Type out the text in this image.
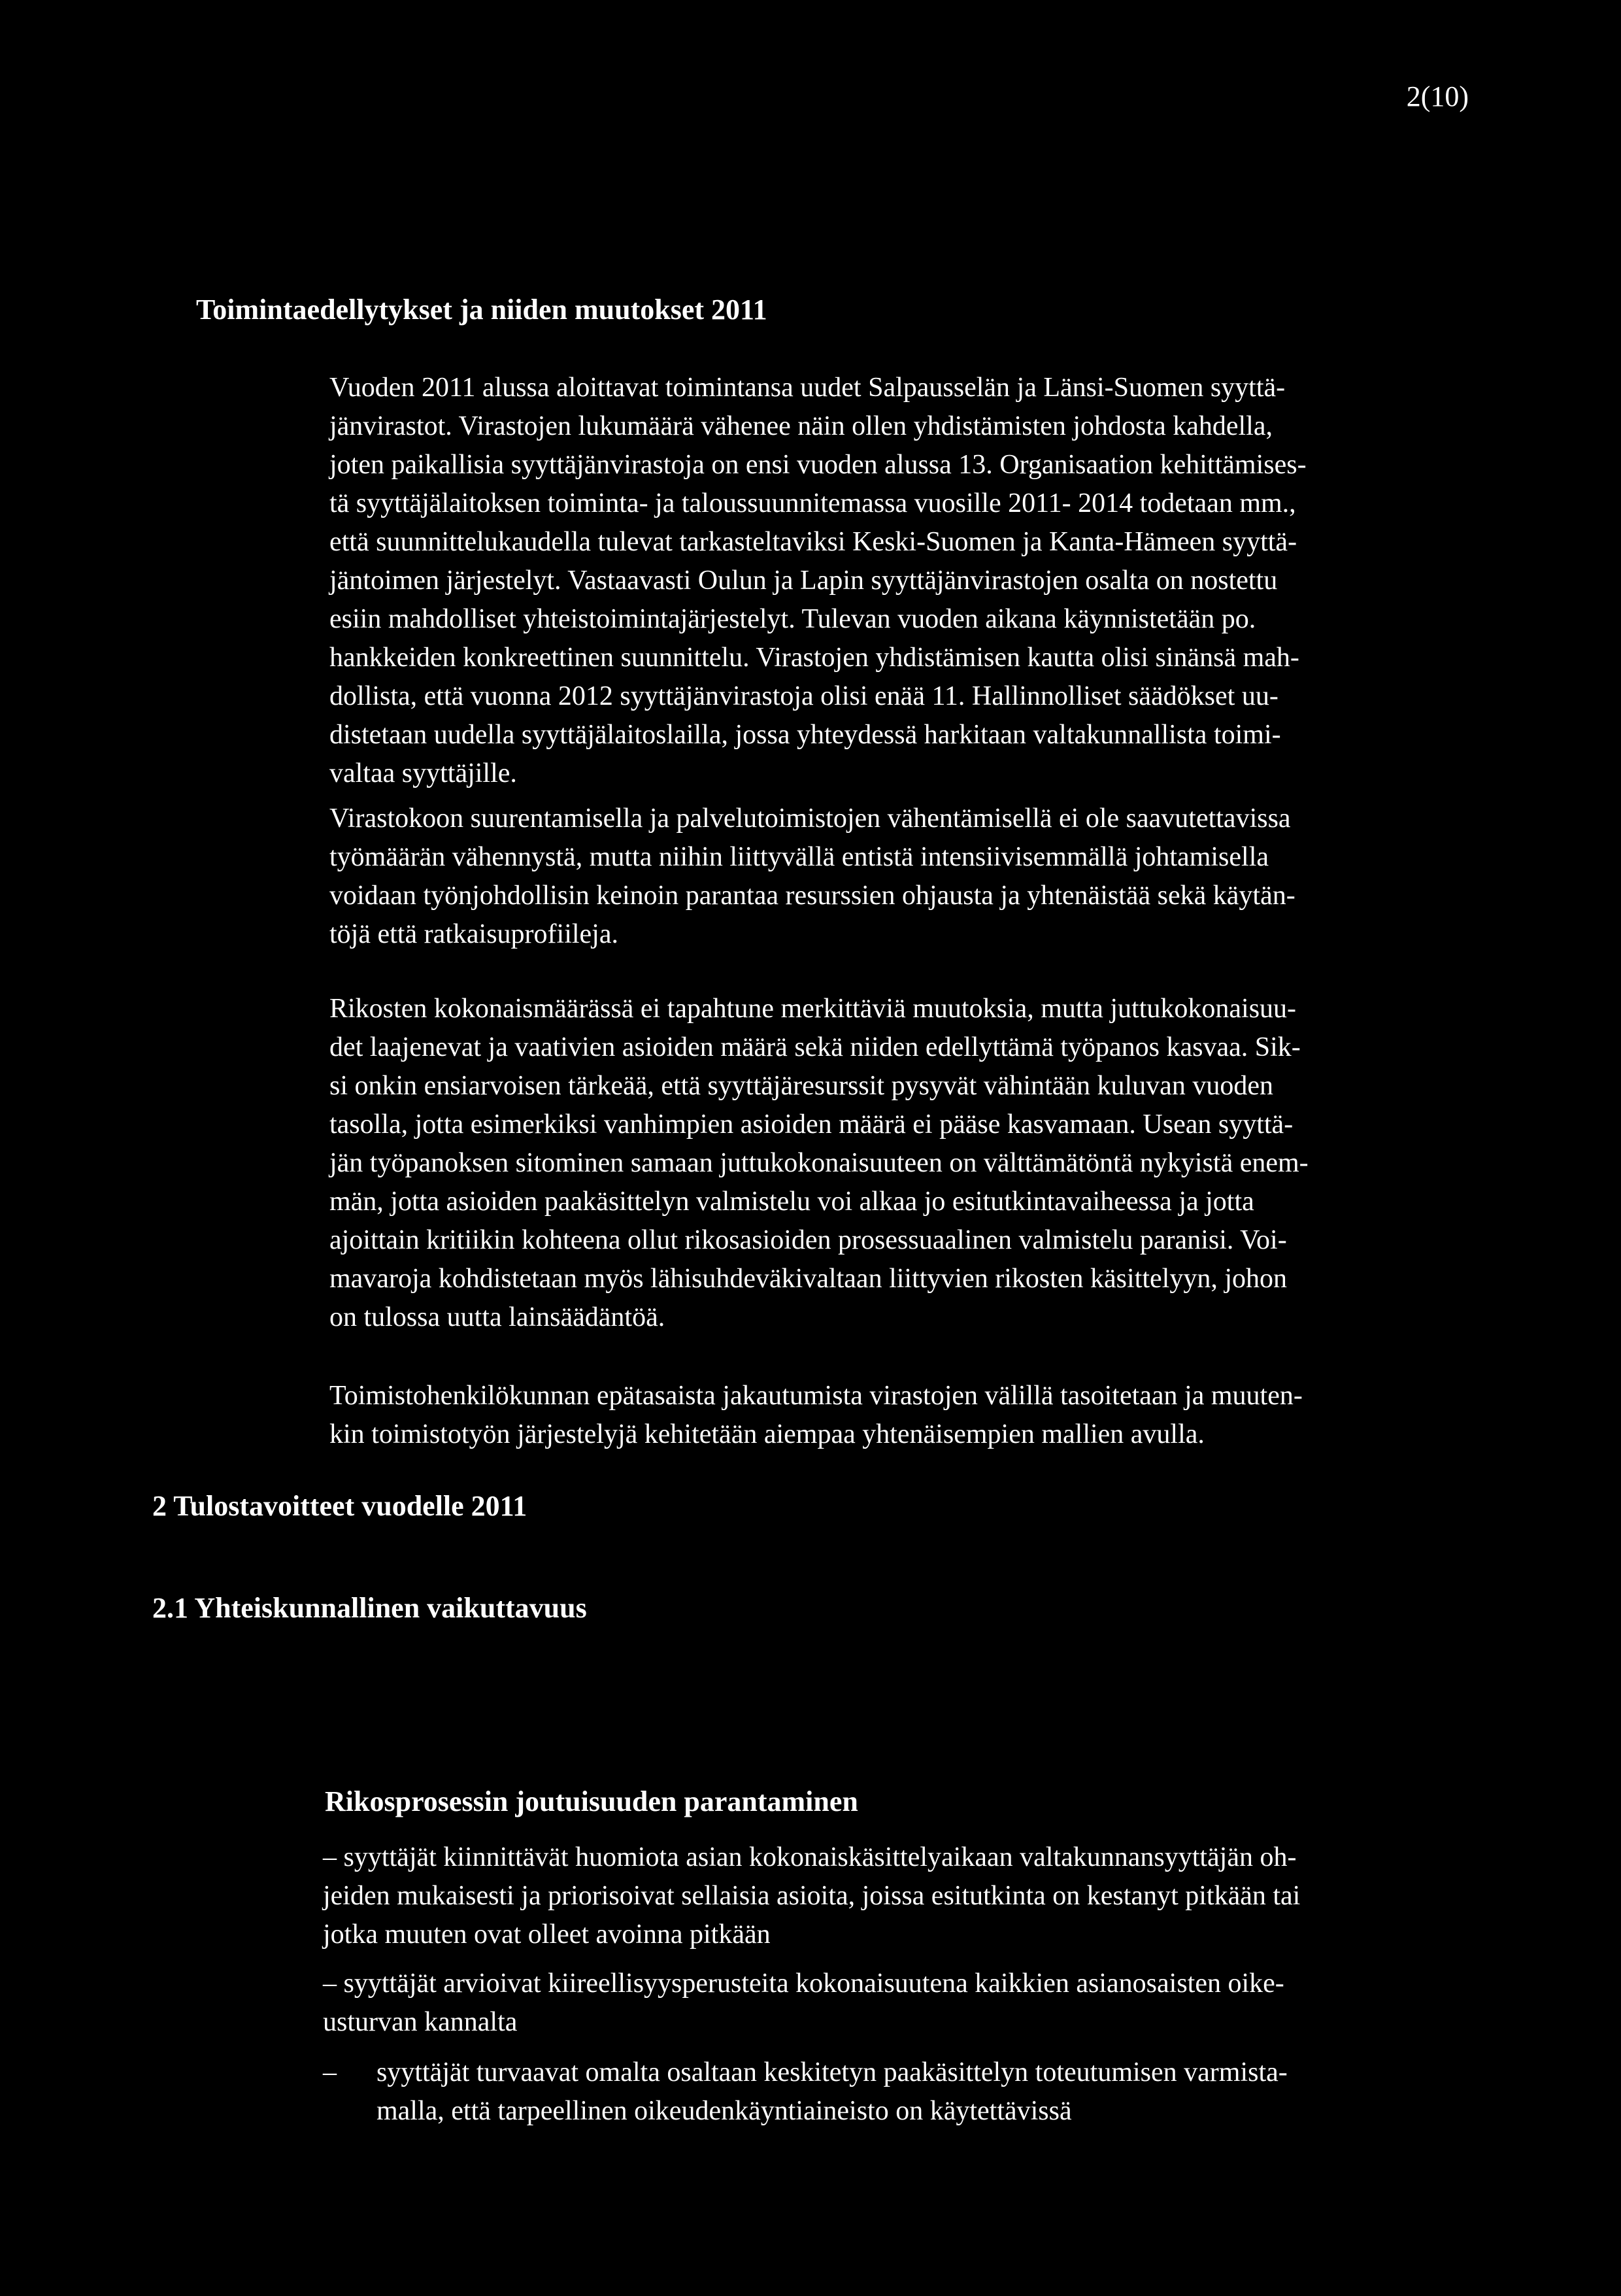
2(10)
Toimintaedellytykset ja niiden muutokset 2011
Vuoden 2011 alussa aloittavat toimintansa uudet Salpausselän ja Länsi-Suomen syyttä-
jänvirastot. Virastojen lukumäärä vähenee näin ollen yhdistämisten johdosta kahdella,
joten paikallisia syyttäjänvirastoja on ensi vuoden alussa 13. Organisaation kehittämises-
tä syyttäjälaitoksen toiminta- ja taloussuunnitemassa vuosille 2011- 2014 todetaan mm.,
että suunnittelukaudella tulevat tarkasteltaviksi Keski-Suomen ja Kanta-Hämeen syyttä-
jäntoimen järjestelyt. Vastaavasti Oulun ja Lapin syyttäjänvirastojen osalta on nostettu
esiin mahdolliset yhteistoimintajärjestelyt. Tulevan vuoden aikana käynnistetään po.
hankkeiden konkreettinen suunnittelu. Virastojen yhdistämisen kautta olisi sinänsä mah-
dollista, että vuonna 2012 syyttäjänvirastoja olisi enää 11. Hallinnolliset säädökset uu-
distetaan uudella syyttäjälaitoslailla, jossa yhteydessä harkitaan valtakunnallista toimi-
valtaa syyttäjille.
Virastokoon suurentamisella ja palvelutoimistojen vähentämisellä ei ole saavutettavissa
työmäärän vähennystä, mutta niihin liittyvällä entistä intensiivisemmällä johtamisella
voidaan työnjohdollisin keinoin parantaa resurssien ohjausta ja yhtenäistää sekä käytän-
töjä että ratkaisuprofiileja.
Rikosten kokonaismäärässä ei tapahtune merkittäviä muutoksia, mutta juttukokonaisuu-
det laajenevat ja vaativien asioiden määrä sekä niiden edellyttämä työpanos kasvaa. Sik-
si onkin ensiarvoisen tärkeää, että syyttäjäresurssit pysyvät vähintään kuluvan vuoden
tasolla, jotta esimerkiksi vanhimpien asioiden määrä ei pääse kasvamaan. Usean syyttä-
jän työpanoksen sitominen samaan juttukokonaisuuteen on välttämätöntä nykyistä enem-
män, jotta asioiden paakäsittelyn valmistelu voi alkaa jo esitutkintavaiheessa ja jotta
ajoittain kritiikin kohteena ollut rikosasioiden prosessuaalinen valmistelu paranisi. Voi-
mavaroja kohdistetaan myös lähisuhdeväkivaltaan liittyvien rikosten käsittelyyn, johon
on tulossa uutta lainsäädäntöä.
Toimistohenkilökunnan epätasaista jakautumista virastojen välillä tasoitetaan ja muuten-
kin toimistotyön järjestelyjä kehitetään aiempaa yhtenäisempien mallien avulla.
2 Tulostavoitteet vuodelle 2011
2.1 Yhteiskunnallinen vaikuttavuus
Rikosprosessin joutuisuuden parantaminen
– syyttäjät kiinnittävät huomiota asian kokonaiskäsittelyaikaan valtakunnansyyttäjän oh-
jeiden mukaisesti ja priorisoivat sellaisia asioita, joissa esitutkinta on kestanyt pitkään tai
jotka muuten ovat olleet avoinna pitkään
– syyttäjät arvioivat kiireellisyysperusteita kokonaisuutena kaikkien asianosaisten oike-
usturvan kannalta
– syyttäjät turvaavat omalta osaltaan keskitetyn paakäsittelyn toteutumisen varmista-
malla, että tarpeellinen oikeudenkäyntiaineisto on käytettävissä
